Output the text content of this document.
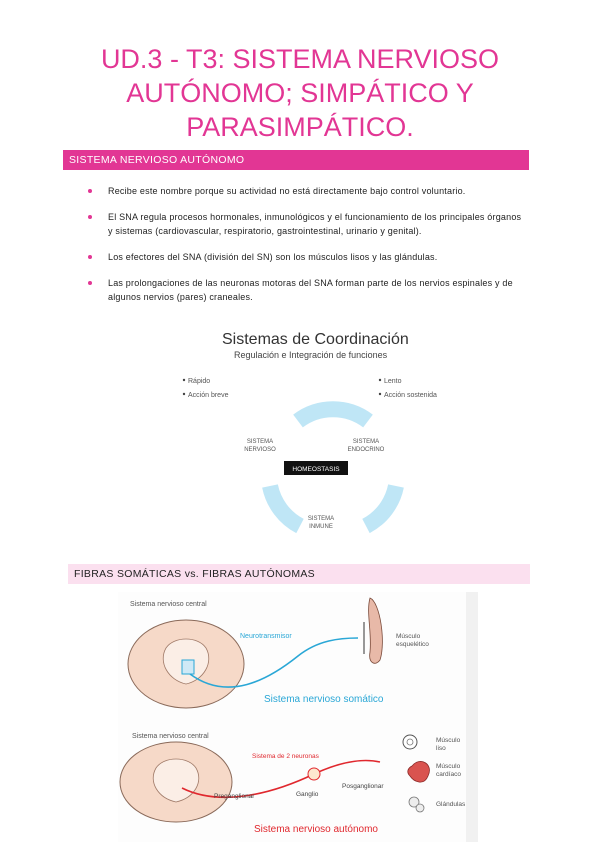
UD.3 - T3: SISTEMA NERVIOSO
AUTÓNOMO; SIMPÁTICO Y
PARASIMPÁTICO.
SISTEMA NERVIOSO AUTÓNOMO
Recibe este nombre porque su actividad no está directamente bajo control voluntario.
El SNA regula procesos hormonales, inmunológicos y el funcionamiento de los principales órganos y sistemas (cardiovascular, respiratorio, gastrointestinal, urinario y genital).
Los efectores del SNA (división del SN) son los músculos lisos y las glándulas.
Las prolongaciones de las neuronas motoras del SNA forman parte de los nervios espinales y de algunos nervios (pares) craneales.
Sistemas de Coordinación
Regulación e Integración de funciones
Rápido
Acción breve
Lento
Acción sostenida
SISTEMA
NERVIOSO
SISTEMA
ENDOCRINO
HOMEOSTASIS
SISTEMA
INMUNE
FIBRAS SOMÁTICAS vs. FIBRAS AUTÓNOMAS
Sistema nervioso central
Neurotransmisor	Músculo
esquelético
Sistema nervioso somático
Sistema nervioso central
Sistema de 2 neuronas
Preganglionar	Ganglio
Posganglionar
Músculo
liso
Músculo
cardíaco
Glándulas
Sistema nervioso autónomo
